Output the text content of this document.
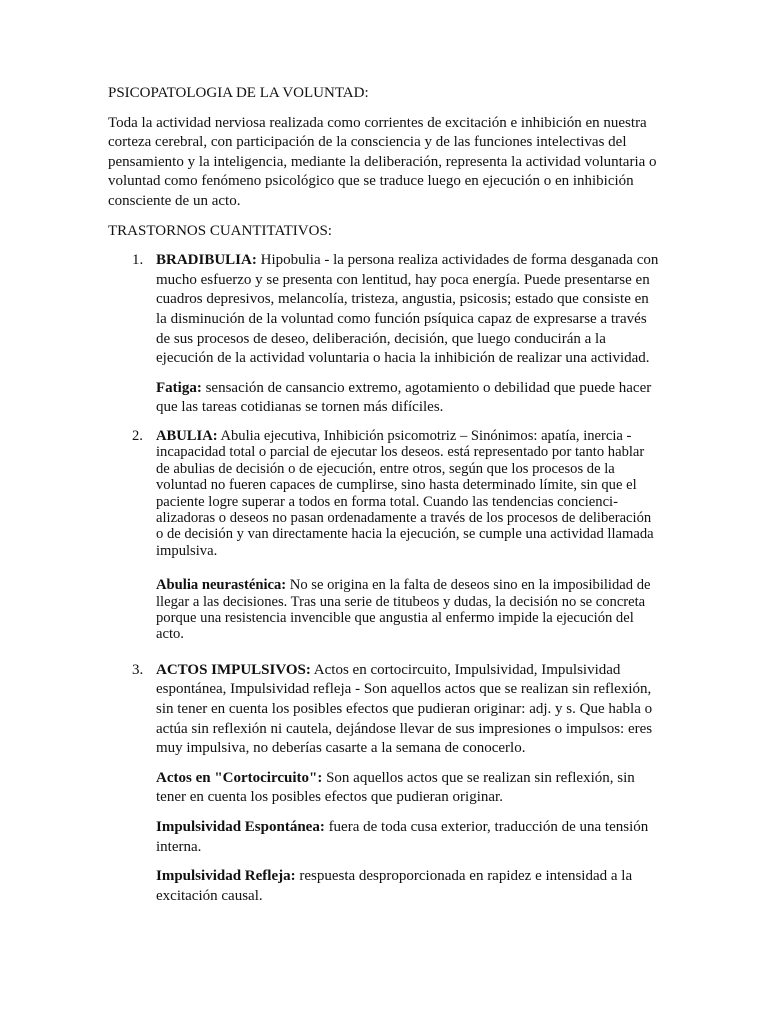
PSICOPATOLOGIA DE LA VOLUNTAD:

Toda la actividad nerviosa realizada como corrientes de excitación e inhibición en nuestra corteza cerebral, con participación de la consciencia y de las funciones intelectivas del pensamiento y la inteligencia, mediante la deliberación, representa la actividad voluntaria o voluntad como fenómeno psicológico que se traduce luego en ejecución o en inhibición consciente de un acto.

TRASTORNOS CUANTITATIVOS:

1. BRADIBULIA: Hipobulia - la persona realiza actividades de forma desganada con mucho esfuerzo y se presenta con lentitud, hay poca energía. Puede presentarse en cuadros depresivos, melancolía, tristeza, angustia, psicosis; estado que consiste en la disminución de la voluntad como función psíquica capaz de expresarse a través de sus procesos de deseo, deliberación, decisión, que luego conducirán a la ejecución de la actividad voluntaria o hacia la inhibición de realizar una actividad.

Fatiga: sensación de cansancio extremo, agotamiento o debilidad que puede hacer que las tareas cotidianas se tornen más difíciles.

2. ABULIA: Abulia ejecutiva, Inhibición psicomotriz – Sinónimos: apatía, inercia - incapacidad total o parcial de ejecutar los deseos. está representado por tanto hablar de abulias de decisión o de ejecución, entre otros, según que los procesos de la voluntad no fueren capaces de cumplirse, sino hasta determinado límite, sin que el paciente logre superar a todos en forma total. Cuando las tendencias conciencializadoras o deseos no pasan ordenadamente a través de los procesos de deliberación o de decisión y van directamente hacia la ejecución, se cumple una actividad llamada impulsiva.

Abulia neurasténica: No se origina en la falta de deseos sino en la imposibilidad de llegar a las decisiones. Tras una serie de titubeos y dudas, la decisión no se concreta porque una resistencia invencible que angustia al enfermo impide la ejecución del acto.

3. ACTOS IMPULSIVOS: Actos en cortocircuito, Impulsividad, Impulsividad espontánea, Impulsividad refleja - Son aquellos actos que se realizan sin reflexión, sin tener en cuenta los posibles efectos que pudieran originar: adj. y s. Que habla o actúa sin reflexión ni cautela, dejándose llevar de sus impresiones o impulsos: eres muy impulsiva, no deberías casarte a la semana de conocerlo.

Actos en "Cortocircuito": Son aquellos actos que se realizan sin reflexión, sin tener en cuenta los posibles efectos que pudieran originar.

Impulsividad Espontánea: fuera de toda cusa exterior, traducción de una tensión interna.

Impulsividad Refleja: respuesta desproporcionada en rapidez e intensidad a la excitación causal.
